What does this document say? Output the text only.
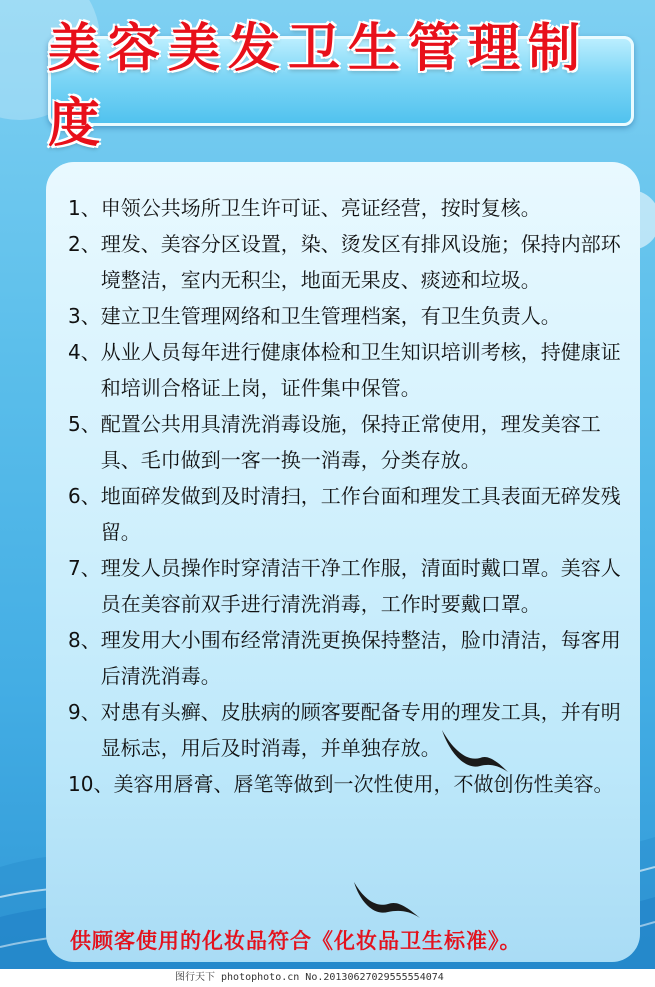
美容美发卫生管理制度
1、 申领公共场所卫生许可证、亮证经营，按时复核。
2、 理发、美容分区设置，染、烫发区有排风设施；保持内部环境整洁，室内无积尘，地面无果皮、痰迹和垃圾。
3、 建立卫生管理网络和卫生管理档案，有卫生负责人。
4、 从业人员每年进行健康体检和卫生知识培训考核，持健康证和培训合格证上岗，证件集中保管。
5、 配置公共用具清洗消毒设施，保持正常使用，理发美容工具、毛巾做到一客一换一消毒，分类存放。
6、 地面碎发做到及时清扫，工作台面和理发工具表面无碎发残留。
7、 理发人员操作时穿清洁干净工作服，清面时戴口罩。美容人员在美容前双手进行清洗消毒，工作时要戴口罩。
8、 理发用大小围布经常清洗更换保持整洁，脸巾清洁，每客用后清洗消毒。
9、 对患有头癣、皮肤病的顾客要配备专用的理发工具，并有明显标志，用后及时消毒，并单独存放。
10、 美容用唇膏、唇笔等做到一次性使用，不做创伤性美容。
供顾客使用的化妆品符合《化妆品卫生标准》。
图行天下 photophoto.cn No.20130627029555554074
